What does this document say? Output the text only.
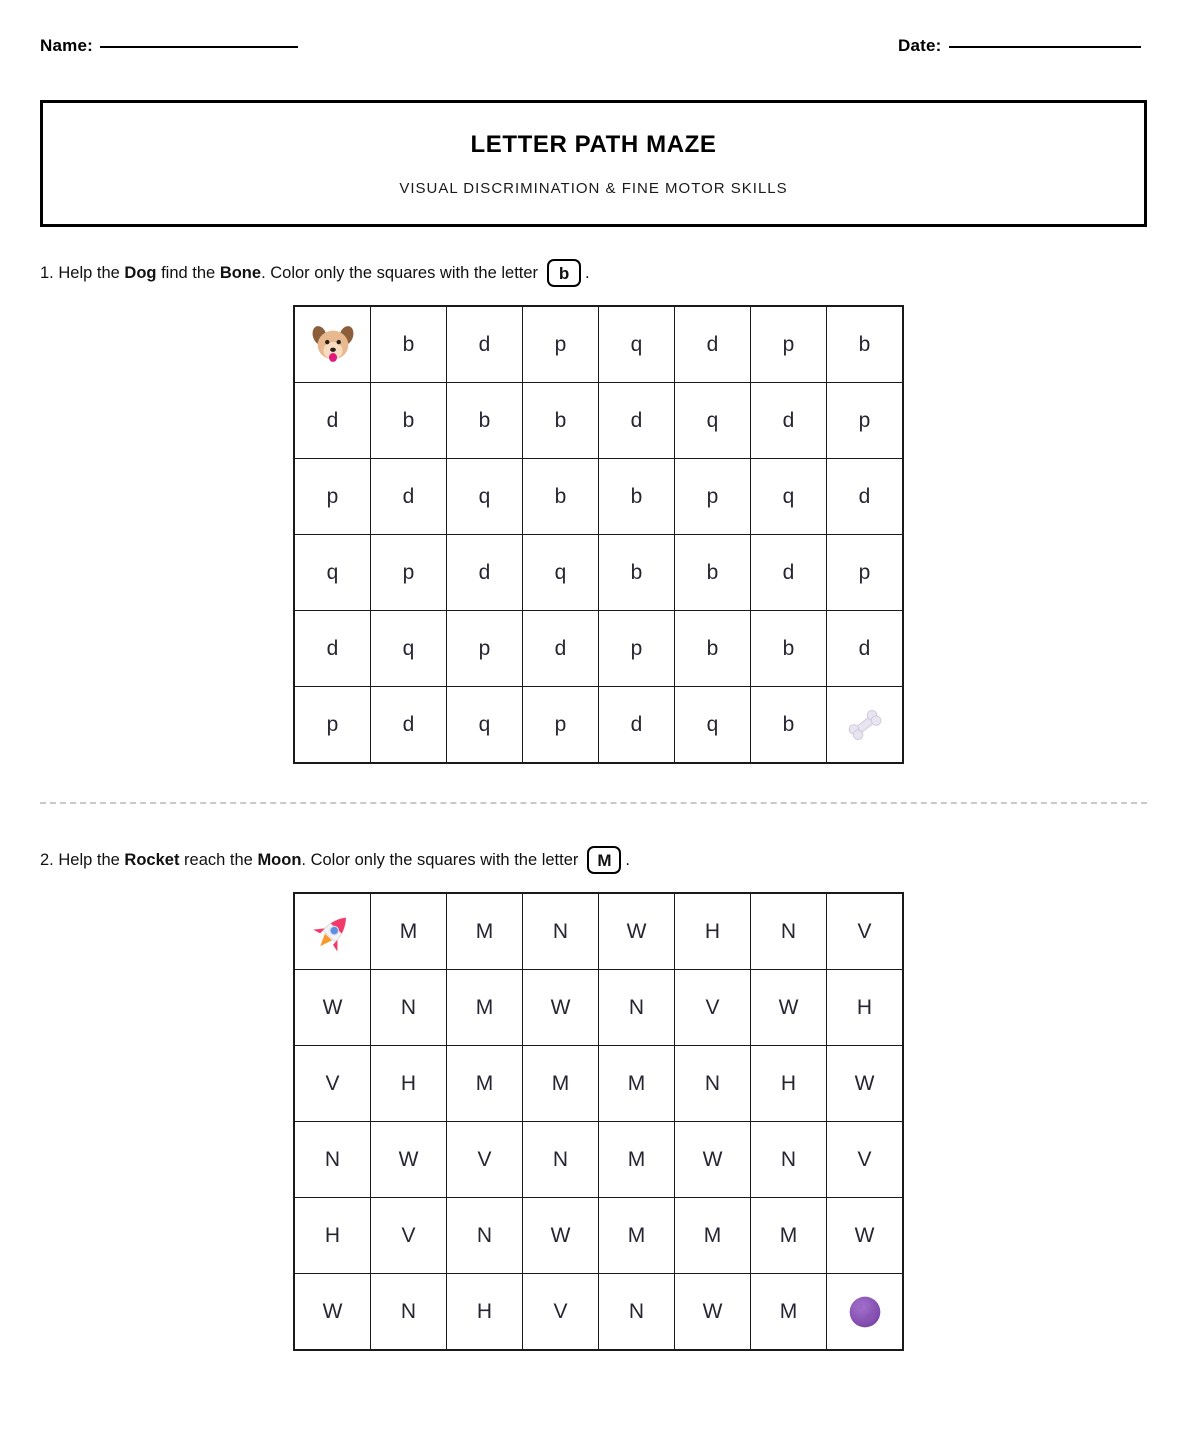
Name:	Date:
LETTER PATH MAZE
VISUAL DISCRIMINATION & FINE MOTOR SKILLS
1.
Help the
Dog
find the
Bone . Color only the squares with the letter	b .
	b	d	p	q	d	p	b
d	b	b	b	d	q	d	p
p	d	q	b	b	p	q	d
q	p	d	q	b	b	d	p
d	q	p	d	p	b	b	d
p	d	q	p	d	q	b	
2.
Help the
Rocket
reach the
Moon . Color only the squares with the letter	M .
	M	M	N	W	H	N	V
W	N	M	W	N	V	W	H
V	H	M	M	M	N	H	W
N	W	V	N	M	W	N	V
H	V	N	W	M	M	M	W
W	N	H	V	N	W	M	
